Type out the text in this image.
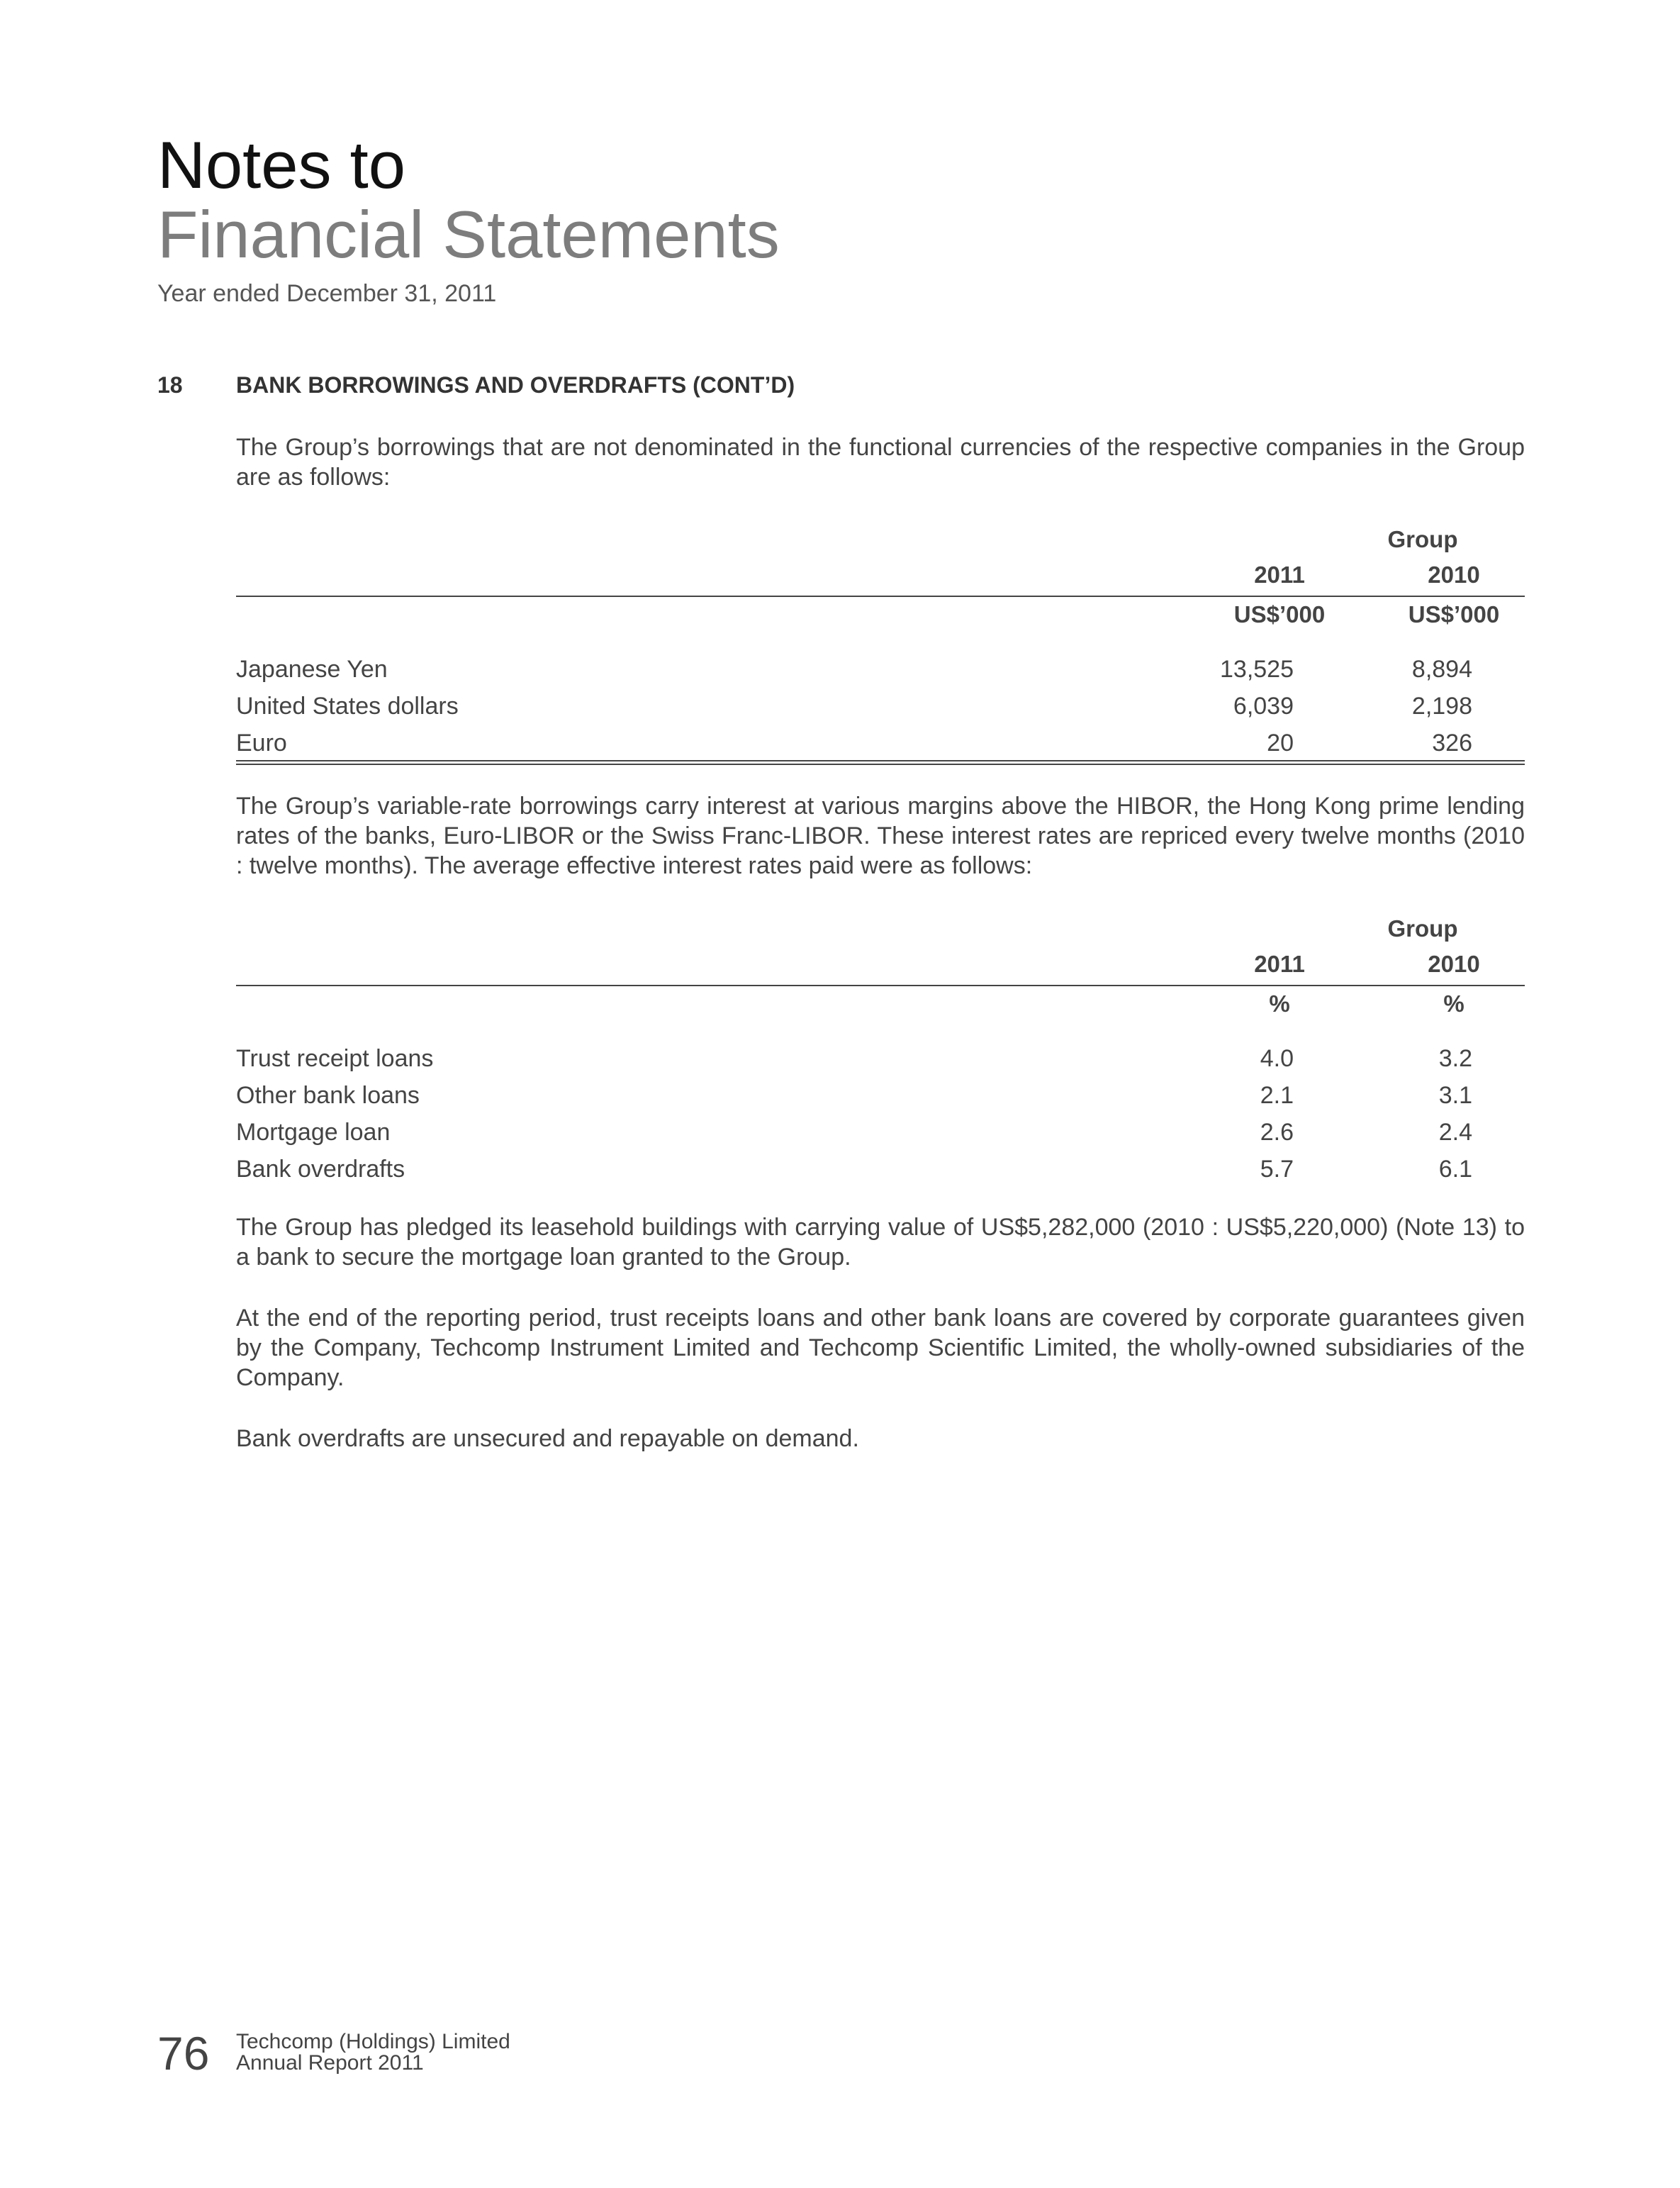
Notes to
Financial Statements
Year ended December 31, 2011
18 BANK BORROWINGS AND OVERDRAFTS (CONT’D)
The Group’s borrowings that are not denominated in the functional currencies of the respective companies in the Group are as follows:
Group
2011	2010
US$’000	US$’000
Japanese Yen	13,525	8,894
United States dollars	6,039	2,198
Euro	20	326
The Group’s variable-rate borrowings carry interest at various margins above the HIBOR, the Hong Kong prime lending rates of the banks, Euro-LIBOR or the Swiss Franc-LIBOR. These interest rates are repriced every twelve months (2010 : twelve months). The average effective interest rates paid were as follows:
Group
2011	2010
%	%
Trust receipt loans	4.0	3.2
Other bank loans	2.1	3.1
Mortgage loan	2.6	2.4
Bank overdrafts	5.7	6.1
The Group has pledged its leasehold buildings with carrying value of US$5,282,000 (2010 : US$5,220,000) (Note 13) to a bank to secure the mortgage loan granted to the Group.
At the end of the reporting period, trust receipts loans and other bank loans are covered by corporate guarantees given by the Company, Techcomp Instrument Limited and Techcomp Scientific Limited, the wholly-owned subsidiaries of the Company.
Bank overdrafts are unsecured and repayable on demand.
76 Techcomp (Holdings) Limited
Annual Report 2011
